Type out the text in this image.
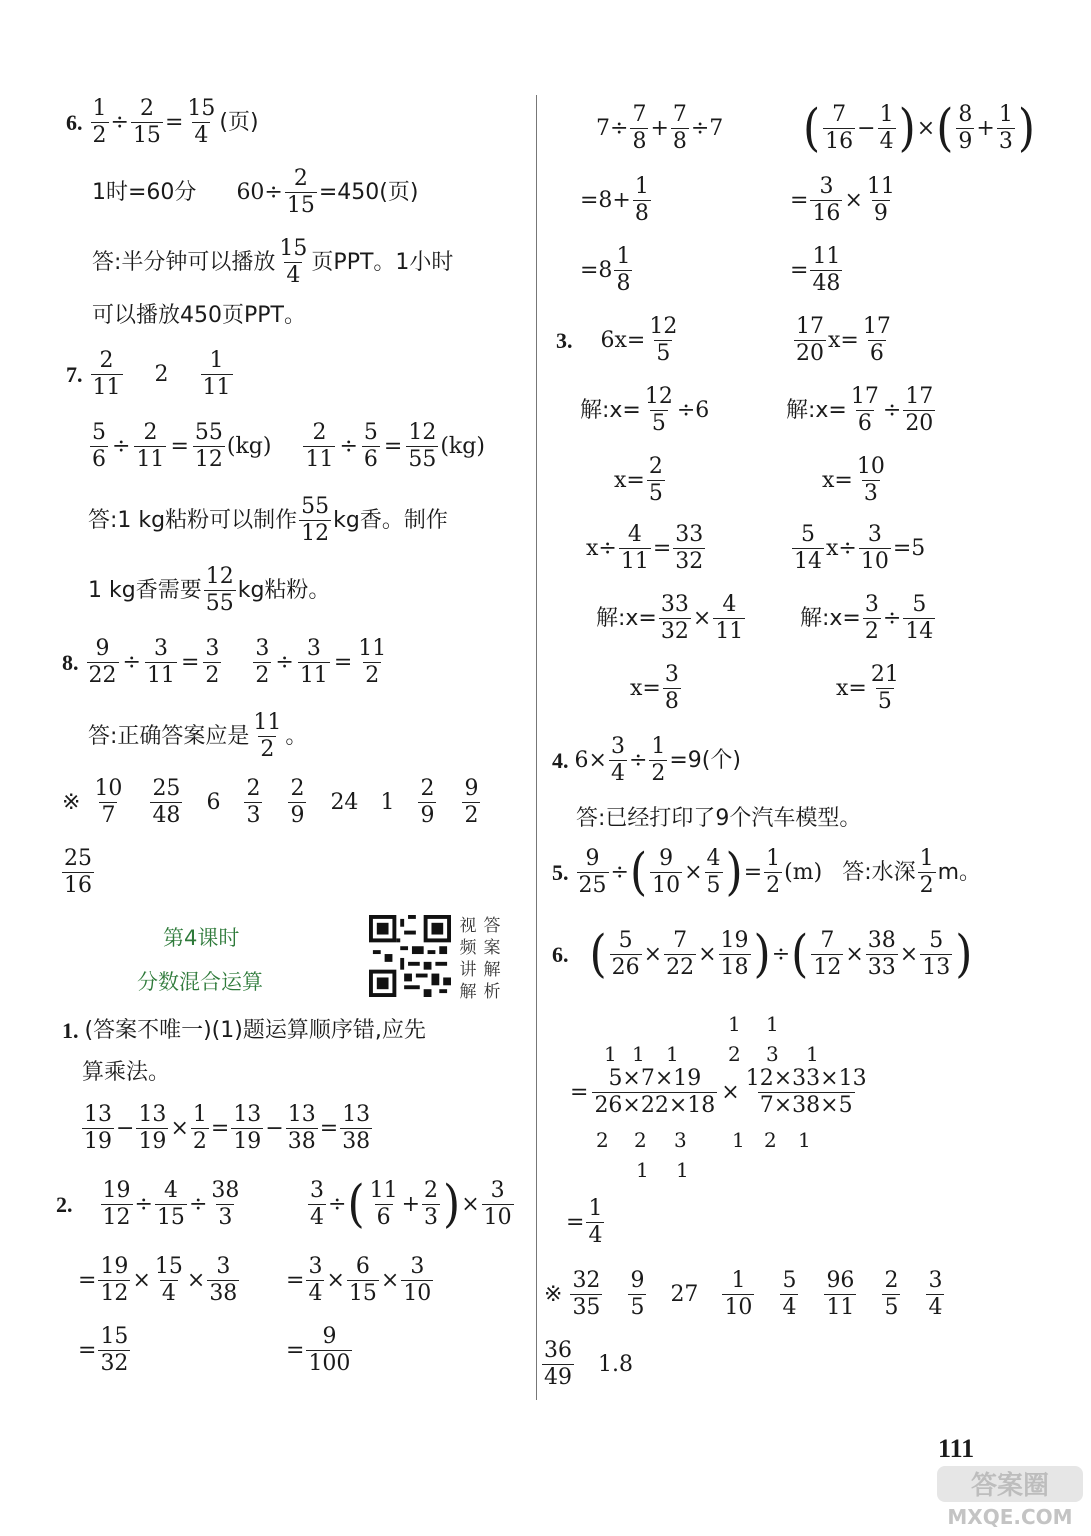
6. $\frac{1}{2} \div \frac{2}{15} = \frac{15}{4}$ (页)
1时=60分 $60\div \frac{2}{15} =450$(页)
答:半分钟可以播放 $\frac{15}{4}$ 页PPT。1小时
可以播放450页PPT。
7. $\frac{2}{11} 2 \frac{1}{11}$
$\frac{5}{6} \div \frac{2}{11} = \frac{55}{12} (kg) \frac{2}{11} \div \frac{5}{6} = \frac{12}{55} (kg)$
答:1 kg粘粉可以制作 $\frac{55}{12}$ kg香。制作
1 kg香需要 $\frac{12}{55}$ kg粘粉。
8. $\frac{9}{22} \div \frac{3}{11} = \frac{3}{2} \frac{3}{2} \div \frac{3}{11} = \frac{11}{2}$
答:正确答案应是 $\frac{11}{2}$ 。
※ $\frac{10}{7} \frac{25}{48} 6 \frac{2}{3} \frac{2}{9} 24$ $1 \frac{2}{9} \frac{9}{2}$
$\frac{25}{16}$
第4课时
分数混合运算
视 答
频 案
讲 解
解 析
1. (答案不唯一)(1)题运算顺序错,应先
算乘法。
$\frac{13}{19} - \frac{13}{19} \times \frac{1}{2} = \frac{13}{19} - \frac{13}{38} = \frac{13}{38}$
2. $\frac{19}{12} \div \frac{4}{15} \div \frac{38}{3}$
= $\frac{19}{12} \times \frac{15}{4} \times \frac{3}{38}$
= $\frac{15}{32}$
$\frac{3}{4}$ ÷ ( $\frac{11}{6} + \frac{2}{3}$ ) × $\frac{3}{10}$
= $\frac{3}{4} \times \frac{6}{15} \times \frac{3}{10}$
= $\frac{9}{100}$
$7\div \frac{7}{8} + \frac{7}{8} \div 7$
$=8+ \frac{1}{8}$
$=8 \frac{1}{8}$
( $\frac{7}{16} - \frac{1}{4}$ ) × ( $\frac{8}{9} + \frac{1}{3}$ )
= $\frac{3}{16} \times \frac{11}{9}$
= $\frac{11}{48}$
3. $6x= \frac{12}{5}$
解:x= $\frac{12}{5} \div 6$
$x= \frac{2}{5}$
$\frac{17}{20} x= \frac{17}{6}$
解:x= $\frac{17}{6} \div \frac{17}{20}$
$x= \frac{10}{3}$
$x\div \frac{4}{11} = \frac{33}{32}$
解:x= $\frac{33}{32} \times \frac{4}{11}$
$x= \frac{3}{8}$
$\frac{5}{14} x\div \frac{3}{10} =5$
解:x= $\frac{3}{2} \div \frac{5}{14}$
$x= \frac{21}{5}$
4. $6\times \frac{3}{4} \div \frac{1}{2} =9$(个)
答:已经打印了9个汽车模型。
5. $\frac{9}{25}$ ÷ ( $\frac{9}{10} \times \frac{4}{5}$ ) = $\frac{1}{2} (m)$ 答:水深 $\frac{1}{2}$ m。
6. ( $\frac{5}{26} \times \frac{7}{22} \times \frac{19}{18}$ ) ÷ ( $\frac{7}{12} \times \frac{38}{33} \times \frac{5}{13}$ )
1 1
1 1 1 2 3 1
= $\frac{5\times 7\times 19}{26\times 22\times 18} \times \frac{12\times 33\times 13}{7\times 38\times 5}$
2 2 3 1 2 1
1 1
= $\frac{1}{4}$
※ $\frac{32}{35} \frac{9}{5} 27 \frac{1}{10} \frac{5}{4} \frac{96}{11} \frac{2}{5} \frac{3}{4}$
$\frac{36}{49} 1.8$
111
答案圈
MXQE.COM
